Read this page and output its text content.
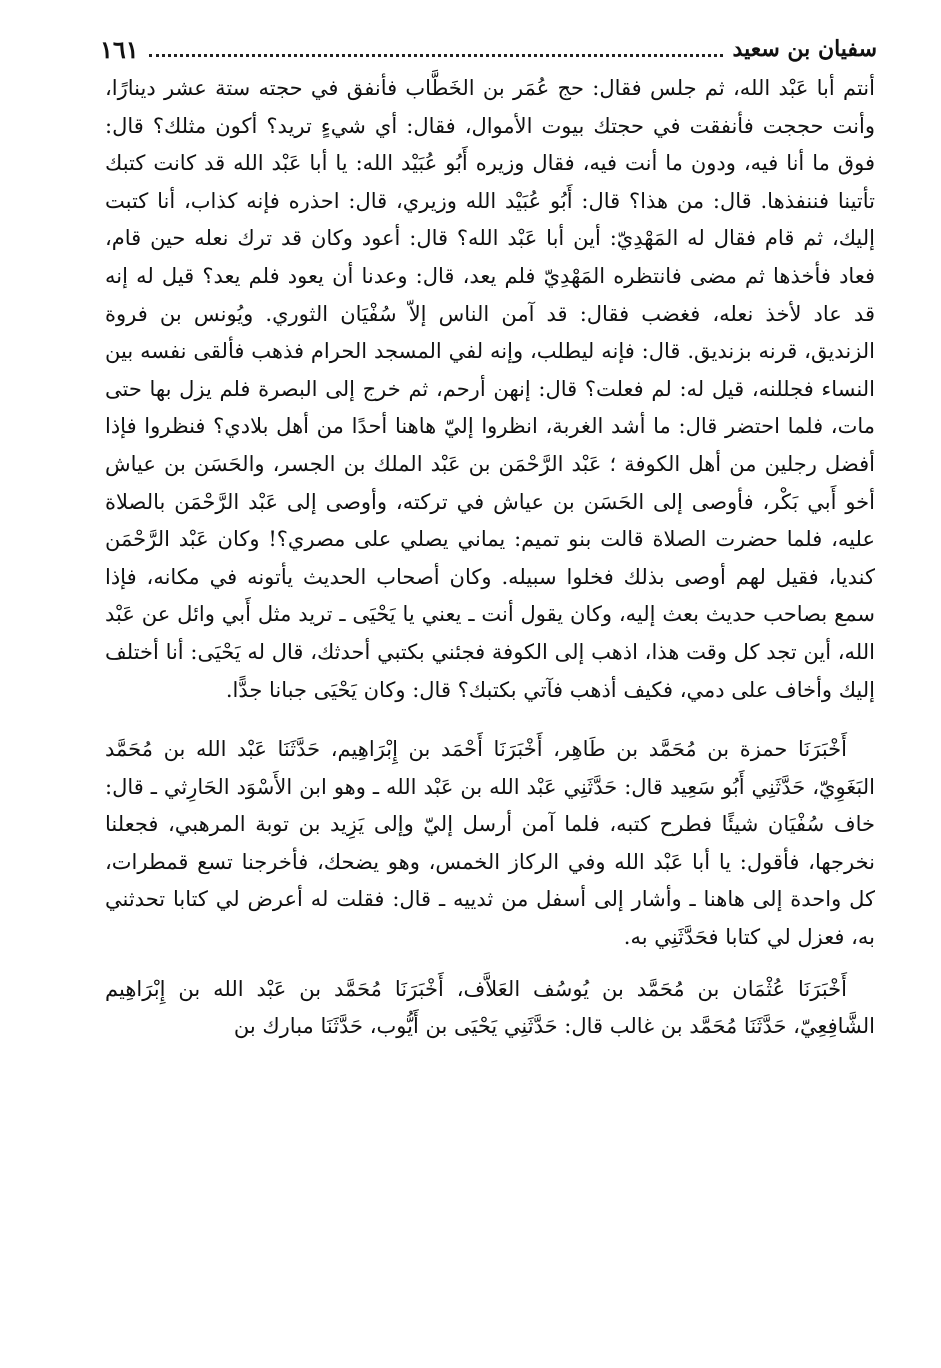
سفيان بن سعيد
١٦١

أنتم أبا عَبْد الله، ثم جلس فقال: حج عُمَر بن الخَطَّاب فأنفق في حجته ستة عشر دينارًا، وأنت حججت فأنفقت في حجتك بيوت الأموال، فقال: أي شيءٍ تريد؟ أكون مثلك؟ قال: فوق ما أنا فيه، ودون ما أنت فيه، فقال وزيره أَبُو عُبَيْد الله: يا أبا عَبْد الله قد كانت كتبك تأتينا فننفذها. قال: من هذا؟ قال: أَبُو عُبَيْد الله وزيري، قال: احذره فإنه كذاب، أنا كتبت إليك، ثم قام فقال له المَهْدِيّ: أين أبا عَبْد الله؟ قال: أعود وكان قد ترك نعله حين قام، فعاد فأخذها ثم مضى فانتظره المَهْدِيّ فلم يعد، قال: وعدنا أن يعود فلم يعد؟ قيل له إنه قد عاد لأخذ نعله، فغضب فقال: قد آمن الناس إلاّ سُفْيَان الثوري. ويُونس بن فروة الزنديق، قرنه بزنديق. قال: فإنه ليطلب، وإنه لفي المسجد الحرام فذهب فألقى نفسه بين النساء فجللنه، قيل له: لم فعلت؟ قال: إنهن أرحم، ثم خرج إلى البصرة فلم يزل بها حتى مات، فلما احتضر قال: ما أشد الغربة، انظروا إليّ هاهنا أحدًا من أهل بلادي؟ فنظروا فإذا أفضل رجلين من أهل الكوفة ؛ عَبْد الرَّحْمَن بن عَبْد الملك بن الجسر، والحَسَن بن عياش أخو أَبي بَكْر، فأوصى إلى الحَسَن بن عياش في تركته، وأوصى إلى عَبْد الرَّحْمَن بالصلاة عليه، فلما حضرت الصلاة قالت بنو تميم: يماني يصلي على مصري؟! وكان عَبْد الرَّحْمَن كنديا، فقيل لهم أوصى بذلك فخلوا سبيله. وكان أصحاب الحديث يأتونه في مكانه، فإذا سمع بصاحب حديث بعث إليه، وكان يقول أنت ـ يعني يا يَحْيَى ـ تريد مثل أَبي وائل عن عَبْد الله، أين تجد كل وقت هذا، اذهب إلى الكوفة فجئني بكتبي أحدثك، قال له يَحْيَى: أنا أختلف إليك وأخاف على دمي، فكيف أذهب فآتي بكتبك؟ قال: وكان يَحْيَى جبانا جدًّا.

أَخْبَرَنَا حمزة بن مُحَمَّد بن طَاهِر، أَخْبَرَنَا أَحْمَد بن إِبْرَاهِيم، حَدَّثَنَا عَبْد الله بن مُحَمَّد البَغَوِيّ، حَدَّثَنِي أَبُو سَعِيد قال: حَدَّثَنِي عَبْد الله بن عَبْد الله ـ وهو ابن الأَسْوَد الحَارِثي ـ قال: خاف سُفْيَان شيئًا فطرح كتبه، فلما آمن أرسل إليّ وإلى يَزِيد بن توبة المرهبي، فجعلنا نخرجها، فأقول: يا أبا عَبْد الله وفي الركاز الخمس، وهو يضحك، فأخرجنا تسع قمطرات، كل واحدة إلى هاهنا ـ وأشار إلى أسفل من ثدييه ـ قال: فقلت له أعرض لي كتابا تحدثني به، فعزل لي كتابا فحَدَّثَنِي به.

أَخْبَرَنَا عُثْمَان بن مُحَمَّد بن يُوسُف العَلاَّف، أَخْبَرَنَا مُحَمَّد بن عَبْد الله بن إِبْرَاهِيم الشَّافِعِيّ، حَدَّثَنَا مُحَمَّد بن غالب قال: حَدَّثَنِي يَحْيَى بن أَيُّوب، حَدَّثَنَا مبارك بن
